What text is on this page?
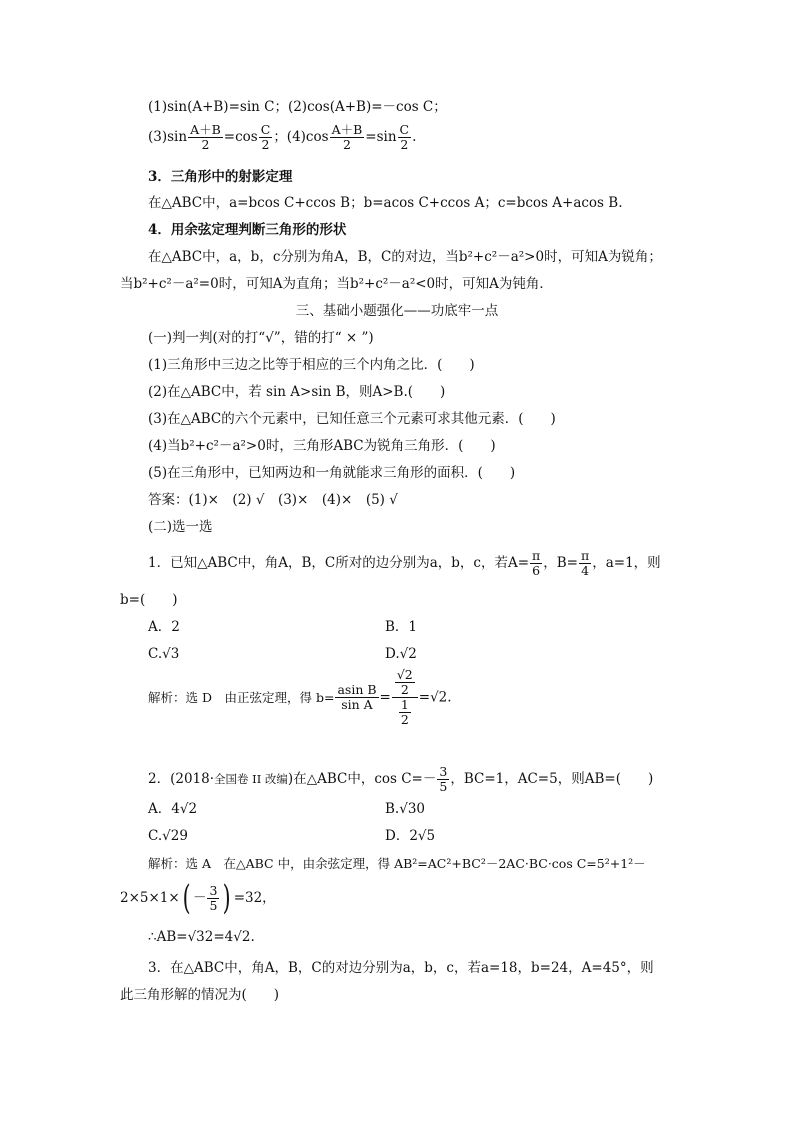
(1)sin(A+B)=sin C；(2)cos(A+B)=－cos C；
$(3)\sin \frac{A+B}{2} =\cos \frac{C}{2}$ ；$(4)\cos \frac{A+B}{2} =\sin \frac{C}{2}$ .
3．三角形中的射影定理
在△ABC中，a=bcos C+ccos B；b=acos C+ccos A；c=bcos A+acos B.
4．用余弦定理判断三角形的形状
在△ABC中，a，b，c分别为角A，B，C的对边，当b²+c²－a²>0时，可知A为锐角；
当b²+c²－a²=0时，可知A为直角；当b²+c²－a²<0时，可知A为钝角．
三、基础小题强化——功底牢一点
(一)判一判(对的打“√”，错的打“ × ”)
(1)三角形中三边之比等于相应的三个内角之比．(　　)
(2)在△ABC中，若 sin A>sin B，则A>B.(　　)
(3)在△ABC的六个元素中，已知任意三个元素可求其他元素．(　　)
(4)当b²+c²－a²>0时，三角形ABC为锐角三角形．(　　)
(5)在三角形中，已知两边和一角就能求三角形的面积．(　　)
答案：(1)×　(2) √　(3)×　(4)×　(5) √
(二)选一选
1．已知△ABC中，角A，B，C所对的边分别为a，b，c，若$A= \frac{\pi}{6}$ ，$B= \frac{\pi}{4}$ ，a=1，则
b=(　　)
A．2	B．1
C.√3	D.√2
解析：选 D　由正弦定理，得 $b= \frac{\text{asin B}}{\text{sin A}} = \frac{\frac{√2}{2}}{\frac{1}{2}} =√2$.
2．(2018·全国卷 II 改编)在△ABC中，$\cos C=- \frac{3}{5}$ ，BC=1，AC=5，则AB=(　　)
A．4√2	B.√30
C.√29	D．2√5
解析：选 A　在△ABC 中，由余弦定理，得 AB²=AC²+BC²－2AC·BC·cos C=5²+1²－
$2\times 5\times 1\times( - \frac{3}{5}$ ) =32，
∴AB=√32=4√2.
3．在△ABC中，角A，B，C的对边分别为a，b，c，若a=18，b=24，A=45°，则
此三角形解的情况为(　　)
